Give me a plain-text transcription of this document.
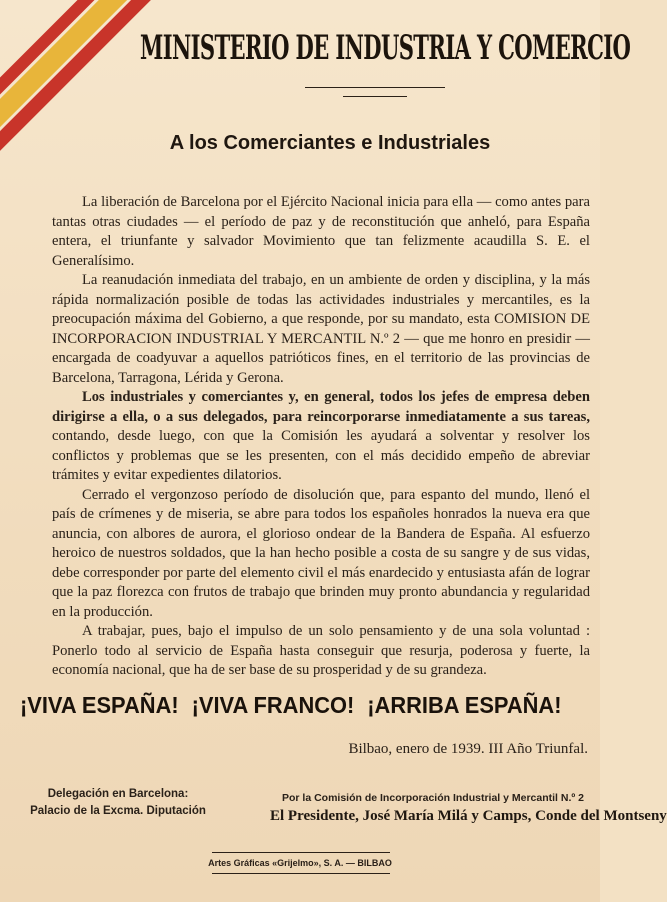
MINISTERIO DE INDUSTRIA Y COMERCIO
A los Comerciantes e Industriales

La liberación de Barcelona por el Ejército Nacional inicia para ella — como antes para tantas otras ciudades — el período de paz y de reconstitución que anheló, para España entera, el triunfante y salvador Movimiento que tan felizmente acaudilla S. E. el Generalísimo.

La reanudación inmediata del trabajo, en un ambiente de orden y disciplina, y la más rápida normalización posible de todas las actividades industriales y mercantiles, es la preocupación máxima del Gobierno, a que responde, por su mandato, esta COMISION DE INCORPORACION INDUSTRIAL Y MERCANTIL N.º 2 — que me honro en presidir — encargada de coadyuvar a aquellos patrióticos fines, en el territorio de las provincias de Barcelona, Tarragona, Lérida y Gerona.

Los industriales y comerciantes y, en general, todos los jefes de empresa deben dirigirse a ella, o a sus delegados, para reincorporarse inmediatamente a sus tareas, contando, desde luego, con que la Comisión les ayudará a solventar y resolver los conflictos y problemas que se les presenten, con el más decidido empeño de abreviar trámites y evitar expedientes dilatorios.

Cerrado el vergonzoso período de disolución que, para espanto del mundo, llenó el país de crímenes y de miseria, se abre para todos los españoles honrados la nueva era que anuncia, con albores de aurora, el glorioso ondear de la Bandera de España. Al esfuerzo heroico de nuestros soldados, que la han hecho posible a costa de su sangre y de sus vidas, debe corresponder por parte del elemento civil el más enardecido y entusiasta afán de lograr que la paz florezca con frutos de trabajo que brinden muy pronto abundancia y regularidad en la producción.

A trabajar, pues, bajo el impulso de un solo pensamiento y de una sola voluntad : Ponerlo todo al servicio de España hasta conseguir que resurja, poderosa y fuerte, la economía nacional, que ha de ser base de su prosperidad y de su grandeza.

¡VIVA ESPAÑA! ¡VIVA FRANCO! ¡ARRIBA ESPAÑA!
Bilbao, enero de 1939. III Año Triunfal.
Delegación en Barcelona:
Palacio de la Excma. Diputación
Por la Comisión de Incorporación Industrial y Mercantil N.º 2
El Presidente, José María Milá y Camps, Conde del Montseny
Artes Gráficas «Grijelmo», S. A. — BILBAO
